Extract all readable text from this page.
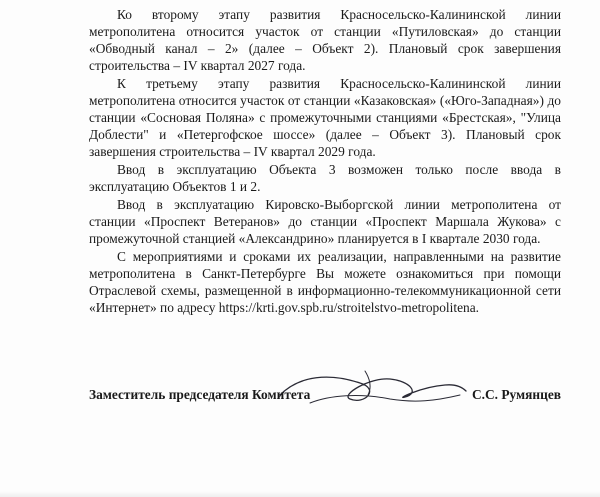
Ко второму этапу развития Красносельско-Калининской линии метрополитена относится участок от станции «Путиловская» до станции «Обводный канал – 2» (далее – Объект 2). Плановый срок завершения строительства – IV квартал 2027 года.

К третьему этапу развития Красносельско-Калининской линии метрополитена относится участок от станции «Казаковская» («Юго-Западная») до станции «Сосновая Поляна» с промежуточными станциями «Брестская», "Улица Доблести" и «Петергофское шоссе» (далее – Объект 3). Плановый срок завершения строительства – IV квартал 2029 года.

Ввод в эксплуатацию Объекта 3 возможен только после ввода в эксплуатацию Объектов 1 и 2.

Ввод в эксплуатацию Кировско-Выборгской линии метрополитена от станции «Проспект Ветеранов» до станции «Проспект Маршала Жукова» с промежуточной станцией «Александрино» планируется в I квартале 2030 года.

С мероприятиями и сроками их реализации, направленными на развитие метрополитена в Санкт-Петербурге Вы можете ознакомиться при помощи Отраслевой схемы, размещенной в информационно-телекоммуникационной сети «Интернет» по адресу https://krti.gov.spb.ru/stroitelstvo-metropolitena.

Заместитель председателя Комитета	С.С. Румянцев
